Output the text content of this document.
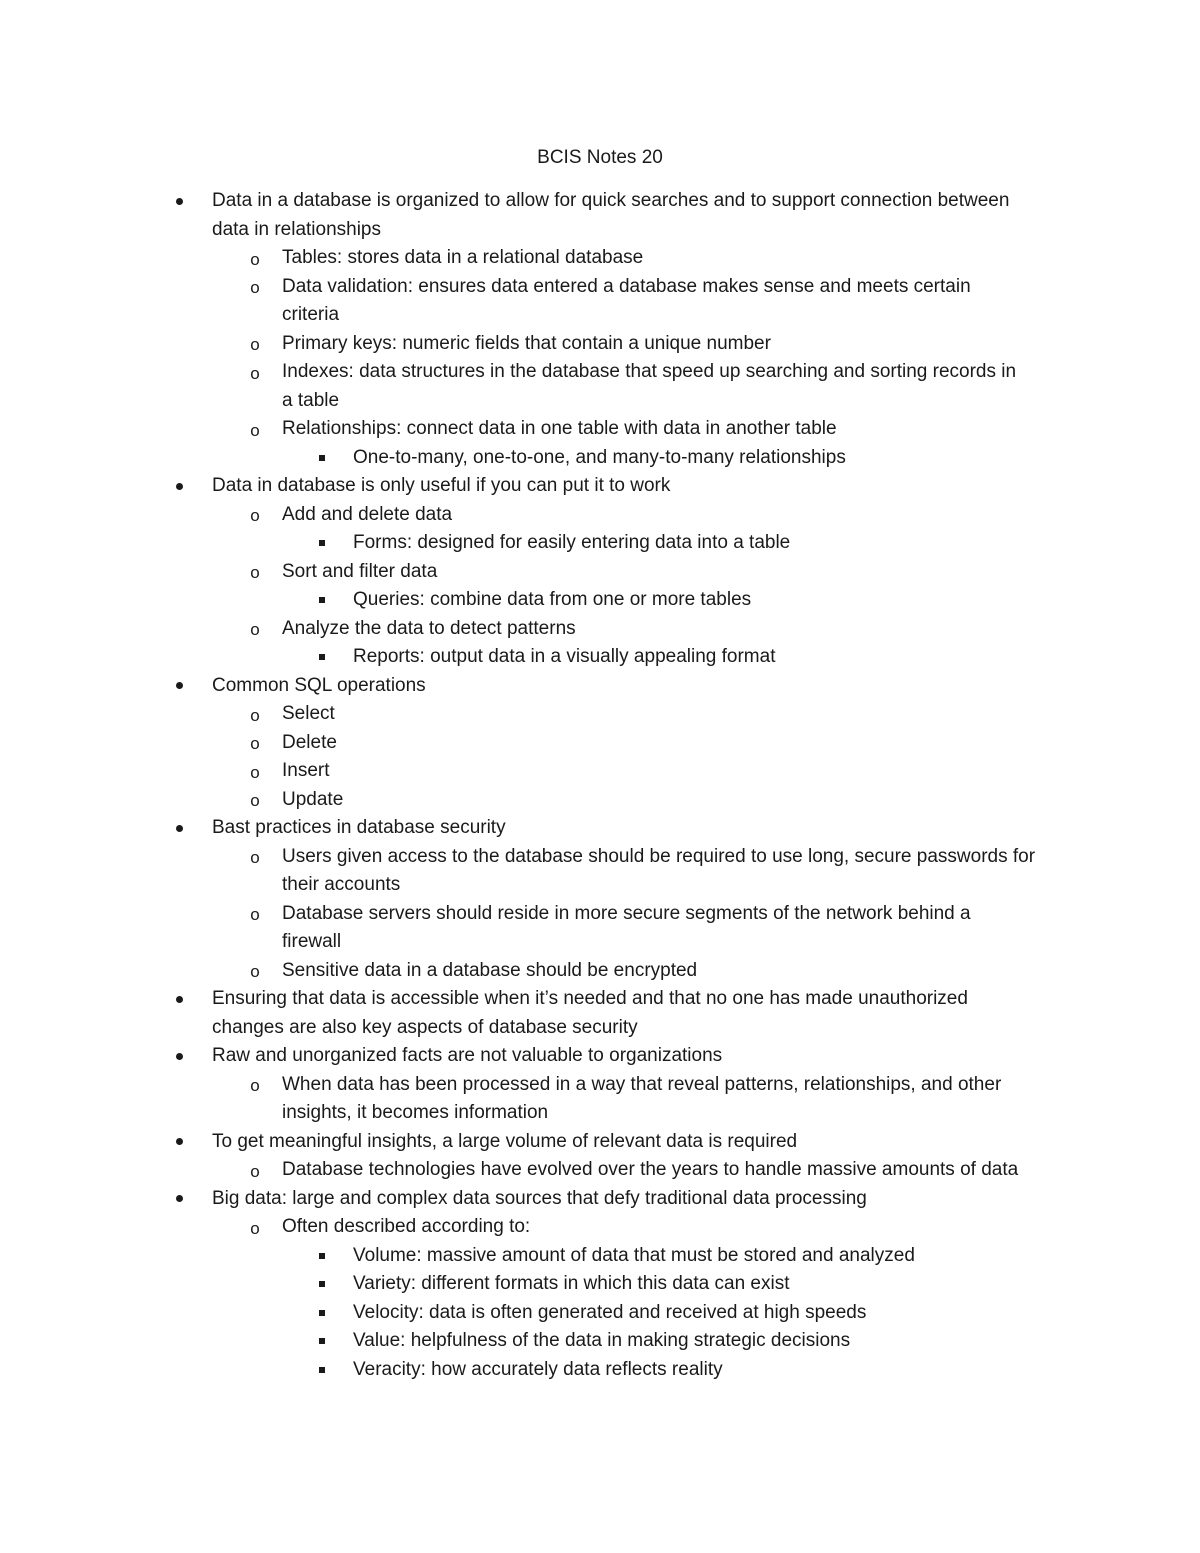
BCIS Notes 20
Data in a database is organized to allow for quick searches and to support connection between
data in relationships
o Tables: stores data in a relational database
o Data validation: ensures data entered a database makes sense and meets certain
criteria
o Primary keys: numeric fields that contain a unique number
o Indexes: data structures in the database that speed up searching and sorting records in
a table
o Relationships: connect data in one table with data in another table
One-to-many, one-to-one, and many-to-many relationships
Data in database is only useful if you can put it to work
o Add and delete data
Forms: designed for easily entering data into a table
o Sort and filter data
Queries: combine data from one or more tables
o Analyze the data to detect patterns
Reports: output data in a visually appealing format
Common SQL operations
o Select
o Delete
o Insert
o Update
Bast practices in database security
o Users given access to the database should be required to use long, secure passwords for
their accounts
o Database servers should reside in more secure segments of the network behind a
firewall
o Sensitive data in a database should be encrypted
Ensuring that data is accessible when it’s needed and that no one has made unauthorized
changes are also key aspects of database security
Raw and unorganized facts are not valuable to organizations
o When data has been processed in a way that reveal patterns, relationships, and other
insights, it becomes information
To get meaningful insights, a large volume of relevant data is required
o Database technologies have evolved over the years to handle massive amounts of data
Big data: large and complex data sources that defy traditional data processing
o Often described according to:
Volume: massive amount of data that must be stored and analyzed
Variety: different formats in which this data can exist
Velocity: data is often generated and received at high speeds
Value: helpfulness of the data in making strategic decisions
Veracity: how accurately data reflects reality
